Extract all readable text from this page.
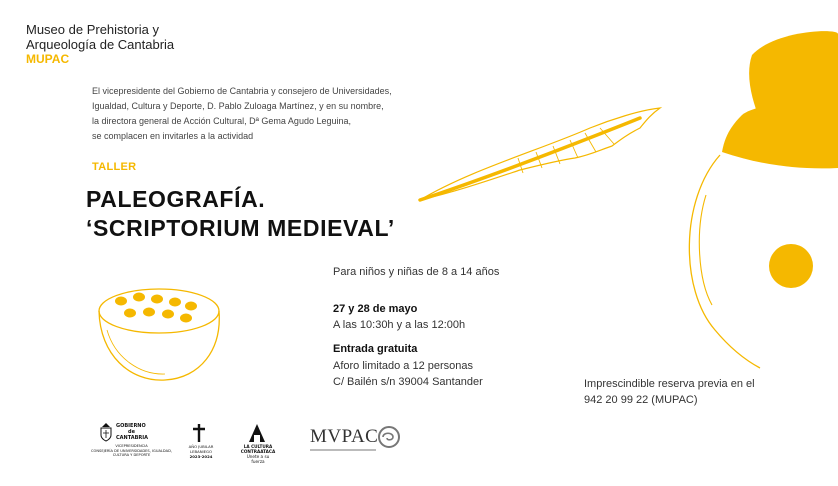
Museo de Prehistoria y
Arqueología de Cantabria
MUPAC
El vicepresidente del Gobierno de Cantabria y consejero de Universidades,
Igualdad, Cultura y Deporte, D. Pablo Zuloaga Martínez, y en su nombre,
la directora general de Acción Cultural, Dª Gema Agudo Leguina,
se complacen en invitarles a la actividad
TALLER
PALEOGRAFÍA.
‘SCRIPTORIUM MEDIEVAL’
Para niños y niñas de 8 a 14 años
27 y 28 de mayo
A las 10:30h y a las 12:00h
Entrada gratuita
Aforo limitado a 12 personas
C/ Bailén s/n 39004 Santander	Imprescindible reserva previa en el
942 20 99 22 (MUPAC)
GOBIERNO
de
CANTABRIA
VICEPRESIDENCIA
CONSEJERÍA DE UNIVERSIDADES, IGUALDAD,
CULTURA Y DEPORTE
AÑO JUBILAR
LEBANIEGO
2023-2024
LA CULTURA
CONTRAATACA
Unete a su fuerza
MVPAC
